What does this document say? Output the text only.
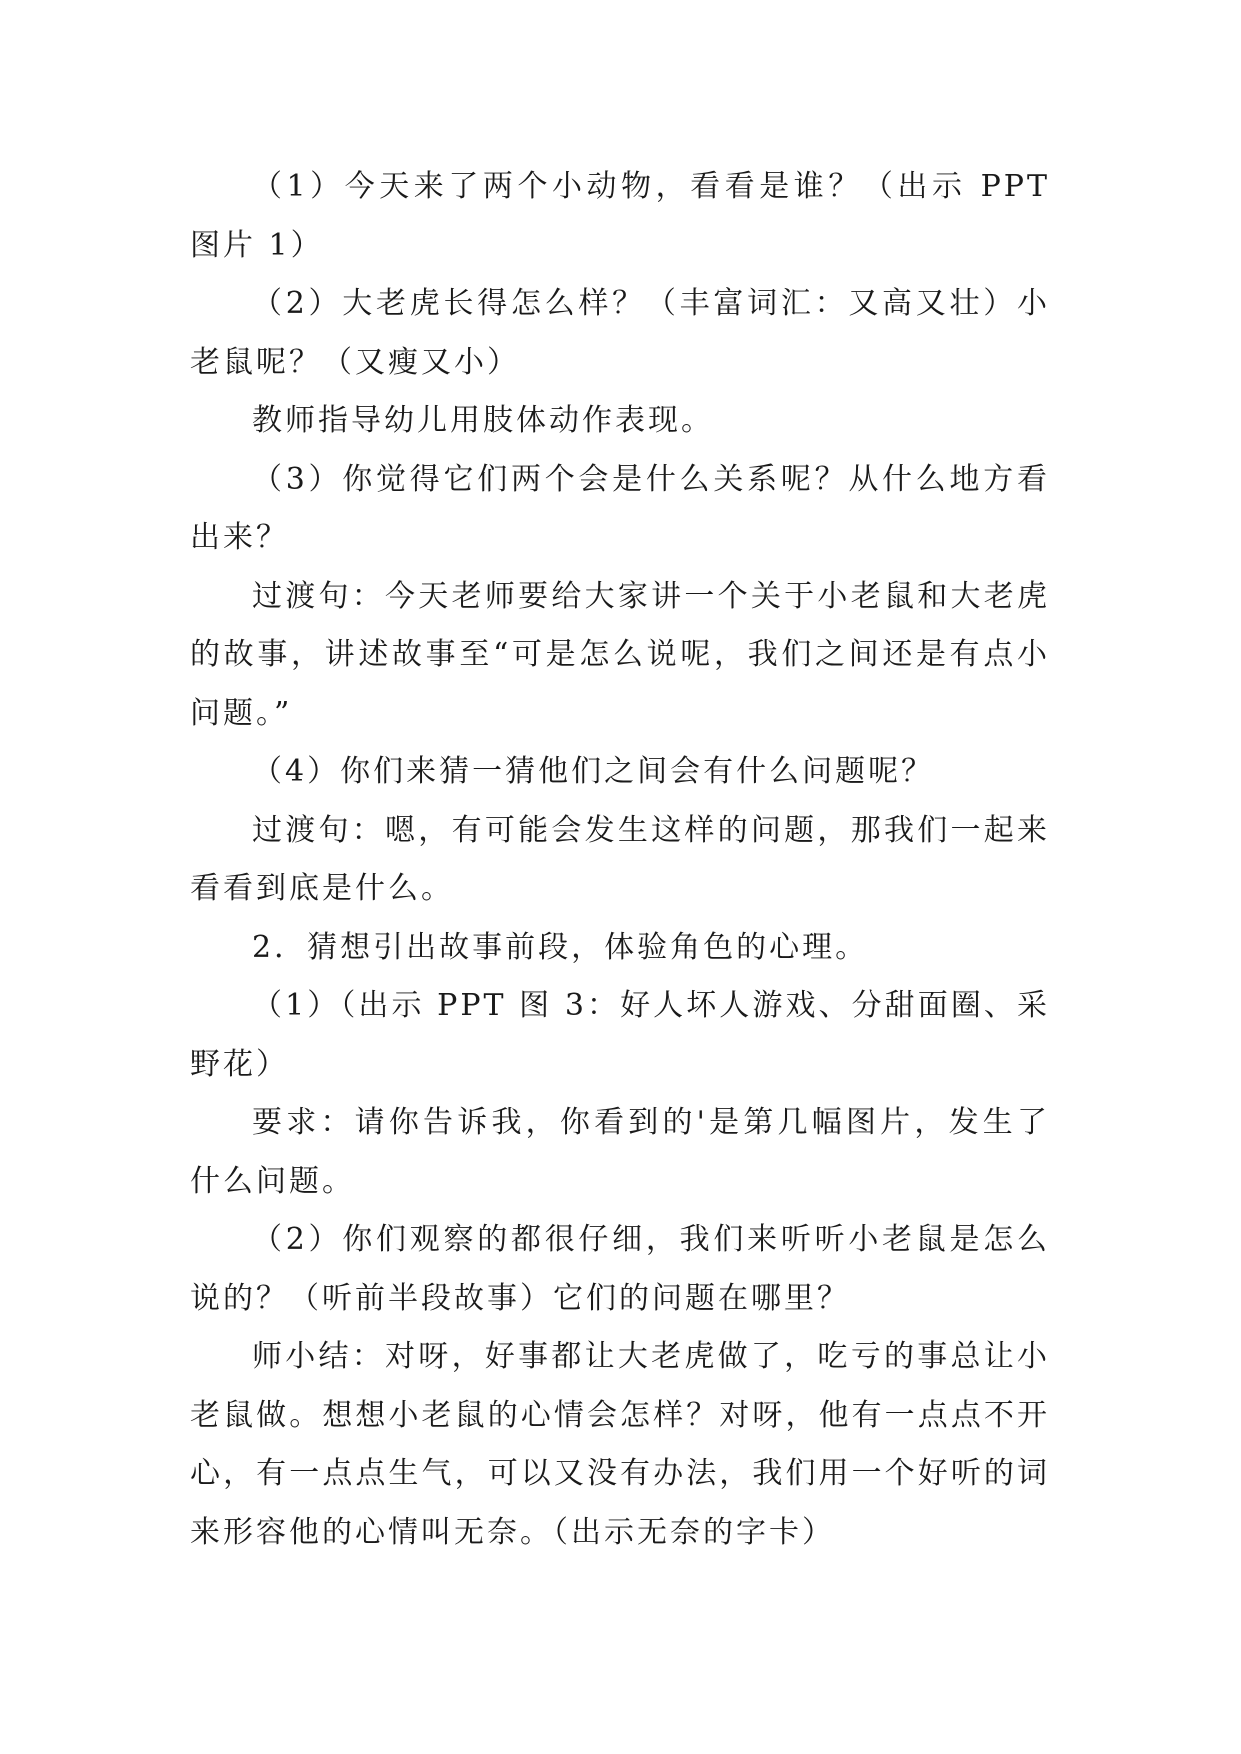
（1）今天来了两个小动物，看看是谁？（出示 PPT 图片 1）

（2）大老虎长得怎么样？（丰富词汇：又高又壮）小老鼠呢？（又瘦又小）

教师指导幼儿用肢体动作表现。

（3）你觉得它们两个会是什么关系呢？从什么地方看出来？

过渡句：今天老师要给大家讲一个关于小老鼠和大老虎的故事，讲述故事至“可是怎么说呢，我们之间还是有点小问题。”

（4）你们来猜一猜他们之间会有什么问题呢？

过渡句：嗯，有可能会发生这样的问题，那我们一起来看看到底是什么。

2．猜想引出故事前段，体验角色的心理。

（1）（出示 PPT 图 3：好人坏人游戏、分甜面圈、采野花）

要求：请你告诉我，你看到的'是第几幅图片，发生了什么问题。

（2）你们观察的都很仔细，我们来听听小老鼠是怎么说的？（听前半段故事）它们的问题在哪里？

师小结：对呀，好事都让大老虎做了，吃亏的事总让小老鼠做。想想小老鼠的心情会怎样？对呀，他有一点点不开心，有一点点生气，可以又没有办法，我们用一个好听的词来形容他的心情叫无奈。（出示无奈的字卡）
